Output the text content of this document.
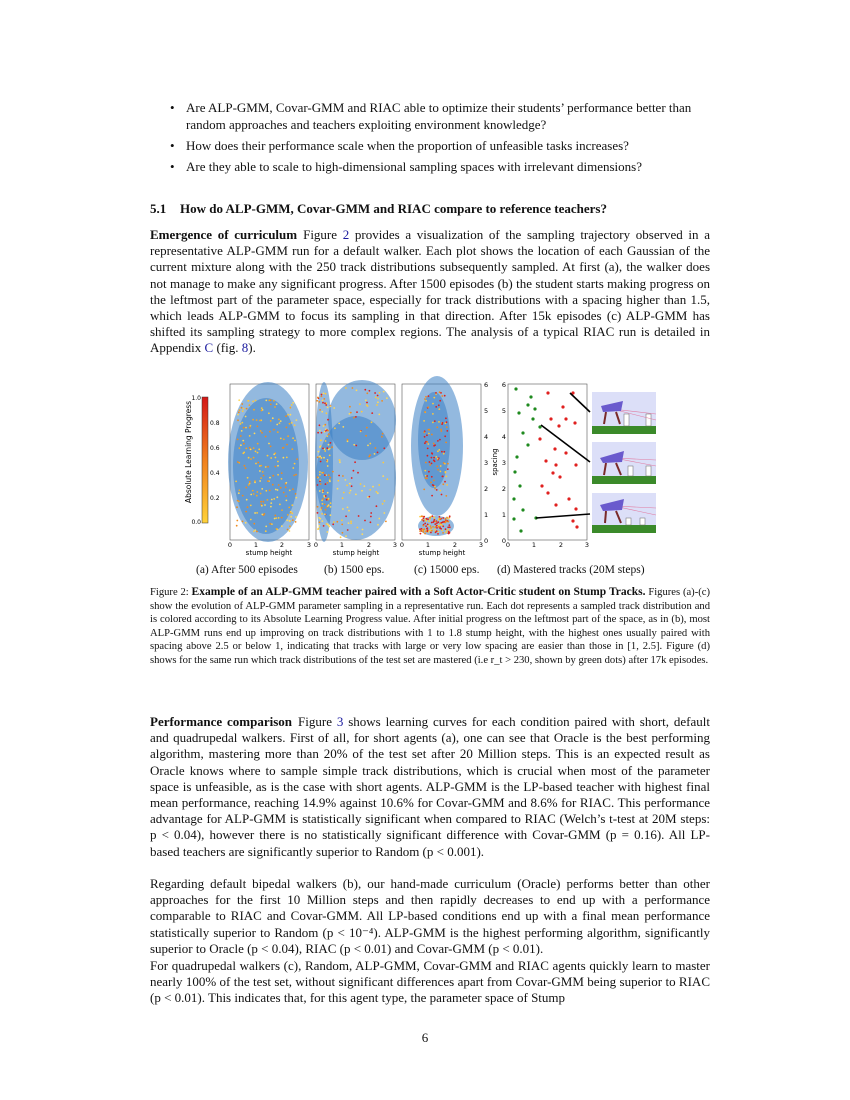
• Are ALP-GMM, Covar-GMM and RIAC able to optimize their students’ performance better than random approaches and teachers exploiting environment knowledge?
• How does their performance scale when the proportion of unfeasible tasks increases?
• Are they able to scale to high-dimensional sampling spaces with irrelevant dimensions?
5.1 How do ALP-GMM, Covar-GMM and RIAC compare to reference teachers?

Emergence of curriculum Figure 2 provides a visualization of the sampling trajectory observed in a representative ALP-GMM run for a default walker. Each plot shows the location of each Gaussian of the current mixture along with the 250 track distributions subsequently sampled. At first (a), the walker does not manage to make any significant progress. After 1500 episodes (b) the student starts making progress on the leftmost part of the parameter space, especially for track distributions with a spacing higher than 1.5, which leads ALP-GMM to focus its sampling in that direction. After 15k episodes (c) ALP-GMM has shifted its sampling strategy to more complex regions. The analysis of a typical RIAC run is detailed in Appendix C (fig. 8).

Absolute Learning Progress
1.0
0.8
0.6
0.4
0.2
0.0
0	1	2	3
stump height
0	1	2	3
stump height
0	1	2	3
stump height
0
1
2
3
4
5
6
spacing
0	1	2	3
0
1
2
3
4
5
6
(a) After 500 episodes (b) 1500 eps.	(c) 15000 eps. (d) Mastered tracks (20M steps)
Figure 2: Example of an ALP-GMM teacher paired with a Soft Actor-Critic student on Stump Tracks. Figures (a)-(c) show the evolution of ALP-GMM parameter sampling in a representative run. Each dot represents a sampled track distribution and is colored according to its Absolute Learning Progress value. After initial progress on the leftmost part of the space, as in (b), most ALP-GMM runs end up improving on track distributions with 1 to 1.8 stump height, with the highest ones usually paired with spacing above 2.5 or below 1, indicating that tracks with large or very low spacing are easier than those in [1, 2.5]. Figure (d) shows for the same run which track distributions of the test set are mastered (i.e r_t > 230, shown by green dots) after 17k episodes.

Performance comparison Figure 3 shows learning curves for each condition paired with short, default and quadrupedal walkers. First of all, for short agents (a), one can see that Oracle is the best performing algorithm, mastering more than 20% of the test set after 20 Million steps. This is an expected result as Oracle knows where to sample simple track distributions, which is crucial when most of the parameter space is unfeasible, as is the case with short agents. ALP-GMM is the LP-based teacher with highest final mean performance, reaching 14.9% against 10.6% for Covar-GMM and 8.6% for RIAC. This performance advantage for ALP-GMM is statistically significant when compared to RIAC (Welch’s t-test at 20M steps: p < 0.04), however there is no statistically significant difference with Covar-GMM (p = 0.16). All LP-based teachers are significantly superior to Random (p < 0.001).

Regarding default bipedal walkers (b), our hand-made curriculum (Oracle) performs better than other approaches for the first 10 Million steps and then rapidly decreases to end up with a performance comparable to RIAC and Covar-GMM. All LP-based conditions end up with a final mean performance statistically superior to Random (p < 10⁻⁴). ALP-GMM is the highest performing algorithm, significantly superior to Oracle (p < 0.04), RIAC (p < 0.01) and Covar-GMM (p < 0.01).

For quadrupedal walkers (c), Random, ALP-GMM, Covar-GMM and RIAC agents quickly learn to master nearly 100% of the test set, without significant differences apart from Covar-GMM being superior to RIAC (p < 0.01). This indicates that, for this agent type, the parameter space of Stump

6
